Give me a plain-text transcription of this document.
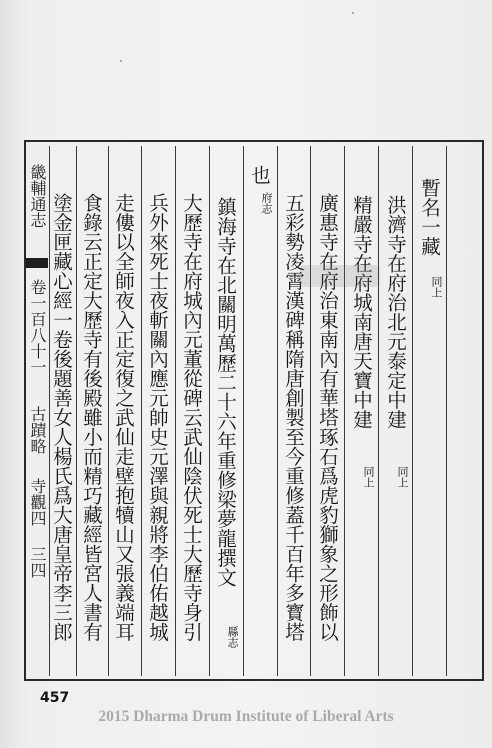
畿輔通志
卷一百八十一
古蹟略
寺觀四
三四
暫名一藏
同上
洪濟寺在府治北元泰定中建
同上
精嚴寺在府城南唐天寶中建
同上
廣惠寺在府治東南內有華塔琢石爲虎豹獅象之形飾以
五彩勢凌霄漢碑稱隋唐創製至今重修蓋千百年多寳塔
也
府志
鎮海寺在北關明萬歷二十六年重修梁夢龍撰文
縣志
大歷寺在府城內元董從碑云武仙陰伏死士大歷寺身引
兵外來死士夜斬關內應元帥史元澤與親將李伯佑越城
走僂以全師夜入正定復之武仙走壁抱犢山又張義端耳
食錄云正定大歷寺有後殿雖小而精巧藏經皆宮人書有
塗金匣藏心經一卷後題善女人楊氏爲大唐皇帝李三郎
457
2015 Dharma Drum Institute of Liberal Arts
